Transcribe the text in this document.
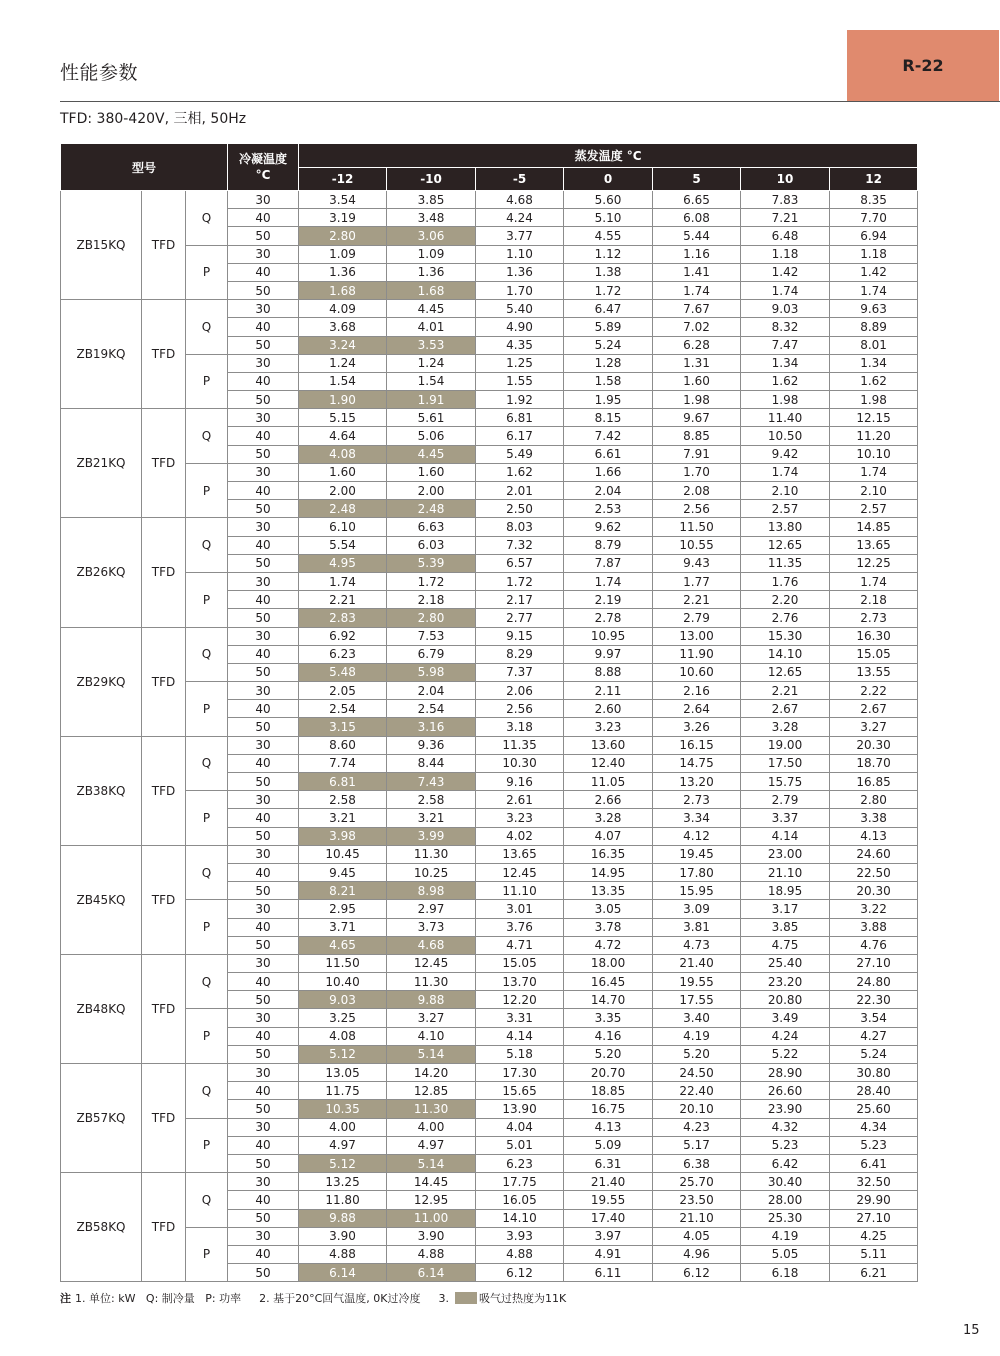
性能参数	R-22
TFD: 380-420V, 三相, 50Hz
型号			冷凝温度
°C	蒸发温度 °C						
				-12	-10	-5	0	5	10	12
ZB15KQ	TFD	Q	30	3.54	3.85	4.68	5.60	6.65	7.83	8.35
			40	3.19	3.48	4.24	5.10	6.08	7.21	7.70
			50	2.80	3.06	3.77	4.55	5.44	6.48	6.94
		P	30	1.09	1.09	1.10	1.12	1.16	1.18	1.18
			40	1.36	1.36	1.36	1.38	1.41	1.42	1.42
			50	1.68	1.68	1.70	1.72	1.74	1.74	1.74
ZB19KQ	TFD	Q	30	4.09	4.45	5.40	6.47	7.67	9.03	9.63
			40	3.68	4.01	4.90	5.89	7.02	8.32	8.89
			50	3.24	3.53	4.35	5.24	6.28	7.47	8.01
		P	30	1.24	1.24	1.25	1.28	1.31	1.34	1.34
			40	1.54	1.54	1.55	1.58	1.60	1.62	1.62
			50	1.90	1.91	1.92	1.95	1.98	1.98	1.98
ZB21KQ	TFD	Q	30	5.15	5.61	6.81	8.15	9.67	11.40	12.15
			40	4.64	5.06	6.17	7.42	8.85	10.50	11.20
			50	4.08	4.45	5.49	6.61	7.91	9.42	10.10
		P	30	1.60	1.60	1.62	1.66	1.70	1.74	1.74
			40	2.00	2.00	2.01	2.04	2.08	2.10	2.10
			50	2.48	2.48	2.50	2.53	2.56	2.57	2.57
ZB26KQ	TFD	Q	30	6.10	6.63	8.03	9.62	11.50	13.80	14.85
			40	5.54	6.03	7.32	8.79	10.55	12.65	13.65
			50	4.95	5.39	6.57	7.87	9.43	11.35	12.25
		P	30	1.74	1.72	1.72	1.74	1.77	1.76	1.74
			40	2.21	2.18	2.17	2.19	2.21	2.20	2.18
			50	2.83	2.80	2.77	2.78	2.79	2.76	2.73
ZB29KQ	TFD	Q	30	6.92	7.53	9.15	10.95	13.00	15.30	16.30
			40	6.23	6.79	8.29	9.97	11.90	14.10	15.05
			50	5.48	5.98	7.37	8.88	10.60	12.65	13.55
		P	30	2.05	2.04	2.06	2.11	2.16	2.21	2.22
			40	2.54	2.54	2.56	2.60	2.64	2.67	2.67
			50	3.15	3.16	3.18	3.23	3.26	3.28	3.27
ZB38KQ	TFD	Q	30	8.60	9.36	11.35	13.60	16.15	19.00	20.30
			40	7.74	8.44	10.30	12.40	14.75	17.50	18.70
			50	6.81	7.43	9.16	11.05	13.20	15.75	16.85
		P	30	2.58	2.58	2.61	2.66	2.73	2.79	2.80
			40	3.21	3.21	3.23	3.28	3.34	3.37	3.38
			50	3.98	3.99	4.02	4.07	4.12	4.14	4.13
ZB45KQ	TFD	Q	30	10.45	11.30	13.65	16.35	19.45	23.00	24.60
			40	9.45	10.25	12.45	14.95	17.80	21.10	22.50
			50	8.21	8.98	11.10	13.35	15.95	18.95	20.30
		P	30	2.95	2.97	3.01	3.05	3.09	3.17	3.22
			40	3.71	3.73	3.76	3.78	3.81	3.85	3.88
			50	4.65	4.68	4.71	4.72	4.73	4.75	4.76
ZB48KQ	TFD	Q	30	11.50	12.45	15.05	18.00	21.40	25.40	27.10
			40	10.40	11.30	13.70	16.45	19.55	23.20	24.80
			50	9.03	9.88	12.20	14.70	17.55	20.80	22.30
		P	30	3.25	3.27	3.31	3.35	3.40	3.49	3.54
			40	4.08	4.10	4.14	4.16	4.19	4.24	4.27
			50	5.12	5.14	5.18	5.20	5.20	5.22	5.24
ZB57KQ	TFD	Q	30	13.05	14.20	17.30	20.70	24.50	28.90	30.80
			40	11.75	12.85	15.65	18.85	22.40	26.60	28.40
			50	10.35	11.30	13.90	16.75	20.10	23.90	25.60
		P	30	4.00	4.00	4.04	4.13	4.23	4.32	4.34
			40	4.97	4.97	5.01	5.09	5.17	5.23	5.23
			50	5.12	5.14	6.23	6.31	6.38	6.42	6.41
ZB58KQ	TFD	Q	30	13.25	14.45	17.75	21.40	25.70	30.40	32.50
			40	11.80	12.95	16.05	19.55	23.50	28.00	29.90
			50	9.88	11.00	14.10	17.40	21.10	25.30	27.10
		P	30	3.90	3.90	3.93	3.97	4.05	4.19	4.25
			40	4.88	4.88	4.88	4.91	4.96	5.05	5.11
			50	6.14	6.14	6.12	6.11	6.12	6.18	6.21
注 1. 单位: kW   Q: 制冷量   P: 功率 2. 基于20°C回气温度, 0K过冷度 3.	吸气过热度为11K
15
